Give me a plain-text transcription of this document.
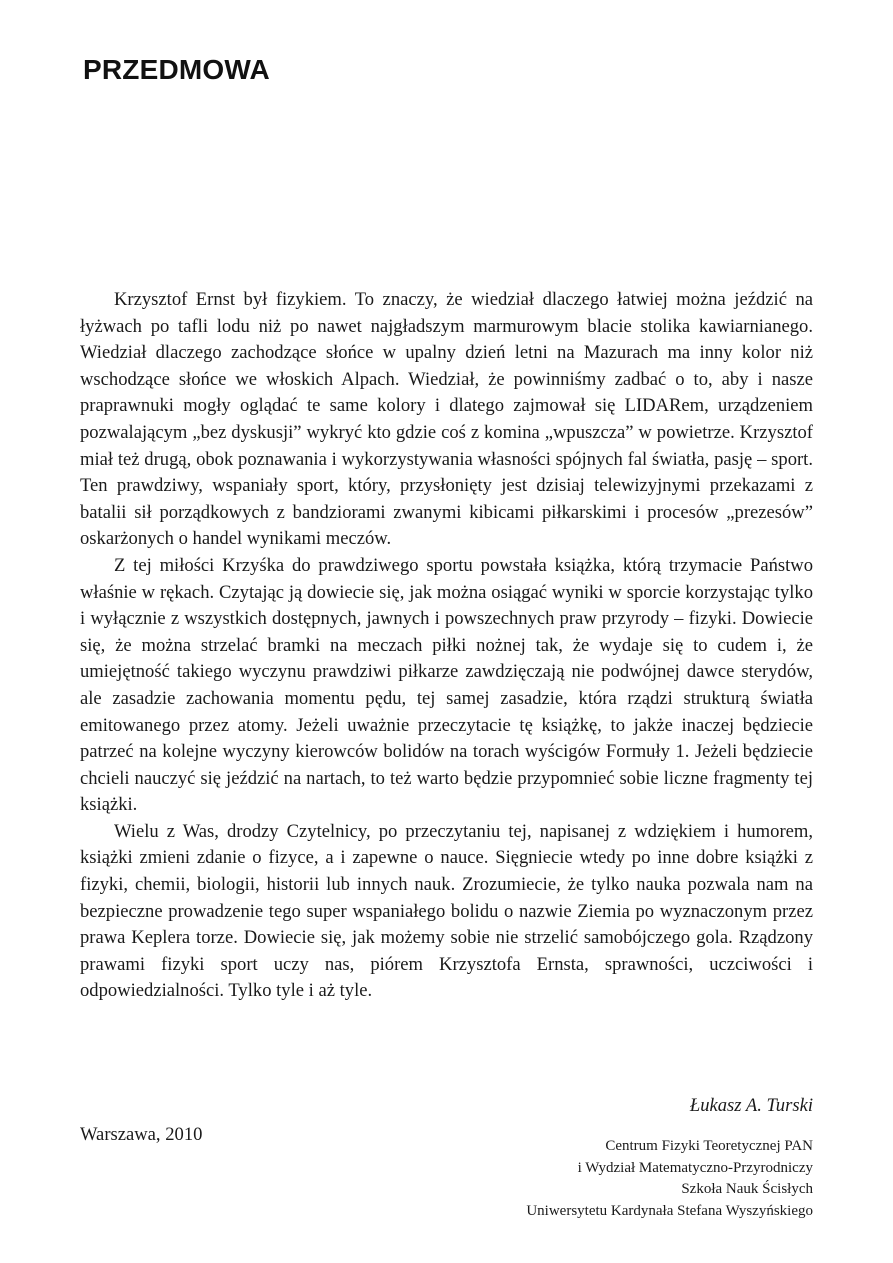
PRZEDMOWA

Krzysztof Ernst był fizykiem. To znaczy, że wiedział dlaczego łatwiej można jeździć na łyżwach po tafli lodu niż po nawet najgładszym marmurowym blacie stolika kawiarnianego. Wiedział dlaczego zachodzące słońce w upalny dzień letni na Mazurach ma inny kolor niż wschodzące słońce we włoskich Alpach. Wiedział, że powinniśmy zadbać o to, aby i nasze praprawnuki mogły oglądać te same kolory i dlatego zajmował się LIDARem, urządzeniem pozwalającym „bez dyskusji” wykryć kto gdzie coś z komina „wpuszcza” w powietrze. Krzysztof miał też drugą, obok poznawania i wykorzystywania własności spójnych fal światła, pasję – sport. Ten prawdziwy, wspaniały sport, który, przysłonięty jest dzisiaj telewizyjnymi przekazami z batalii sił porządkowych z bandziorami zwanymi kibicami piłkarskimi i procesów „prezesów” oskarżonych o handel wynikami meczów.

Z tej miłości Krzyśka do prawdziwego sportu powstała książka, którą trzymacie Państwo właśnie w rękach. Czytając ją dowiecie się, jak można osiągać wyniki w sporcie korzystając tylko i wyłącznie z wszystkich dostępnych, jawnych i powszechnych praw przyrody – fizyki. Dowiecie się, że można strzelać bramki na meczach piłki nożnej tak, że wydaje się to cudem i, że umiejętność takiego wyczynu prawdziwi piłkarze zawdzięczają nie podwójnej dawce sterydów, ale zasadzie zachowania momentu pędu, tej samej zasadzie, która rządzi strukturą światła emitowanego przez atomy. Jeżeli uważnie przeczytacie tę książkę, to jakże inaczej będziecie patrzeć na kolejne wyczyny kierowców bolidów na torach wyścigów Formuły 1. Jeżeli będziecie chcieli nauczyć się jeździć na nartach, to też warto będzie przypomnieć sobie liczne fragmenty tej książki.

Wielu z Was, drodzy Czytelnicy, po przeczytaniu tej, napisanej z wdziękiem i humorem, książki zmieni zdanie o fizyce, a i zapewne o nauce. Sięgniecie wtedy po inne dobre książki z fizyki, chemii, biologii, historii lub innych nauk. Zrozumiecie, że tylko nauka pozwala nam na bezpieczne prowadzenie tego super wspaniałego bolidu o nazwie Ziemia po wyznaczonym przez prawa Keplera torze. Dowiecie się, jak możemy sobie nie strzelić samobójczego gola. Rządzony prawami fizyki sport uczy nas, piórem Krzysztofa Ernsta, sprawności, uczciwości i odpowiedzialności. Tylko tyle i aż tyle.

Łukasz A. Turski
Warszawa, 2010
Centrum Fizyki Teoretycznej PAN
i Wydział Matematyczno-Przyrodniczy
Szkoła Nauk Ścisłych
Uniwersytetu Kardynała Stefana Wyszyńskiego
